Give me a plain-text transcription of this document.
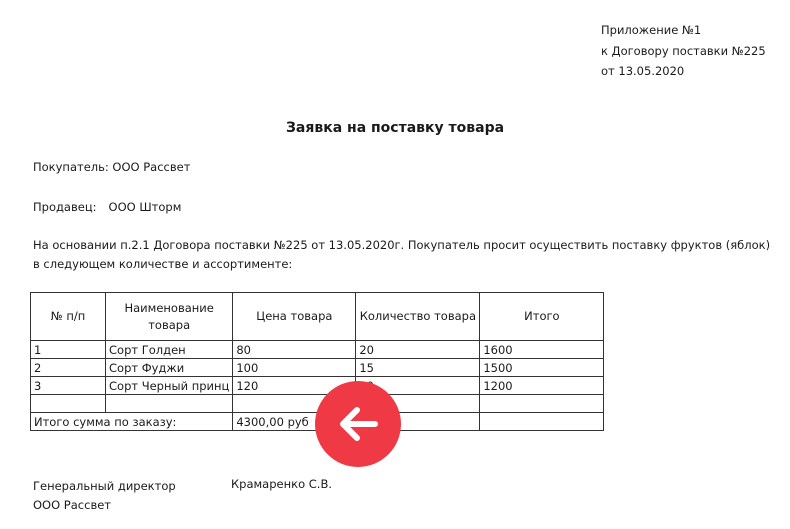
Приложение №1
к Договору поставки №225
от 13.05.2020
Заявка на поставку товара
Покупатель: ООО Рассвет
Продавец: ООО Шторм
На основании п.2.1 Договора поставки №225 от 13.05.2020г. Покупатель просит осуществить поставку фруктов (яблок)
в следующем количестве и ассортименте:
№ п/п	Наименование товара	Цена товара	Количество товара	Итого
1	Сорт Голден	80	20	1600
2	Сорт Фуджи	100	15	1500
3	Сорт Черный принц	120		1200

Итого сумма по заказу:		4300,00 руб		
Генеральный директор
ООО Рассвет
Крамаренко С.В.
